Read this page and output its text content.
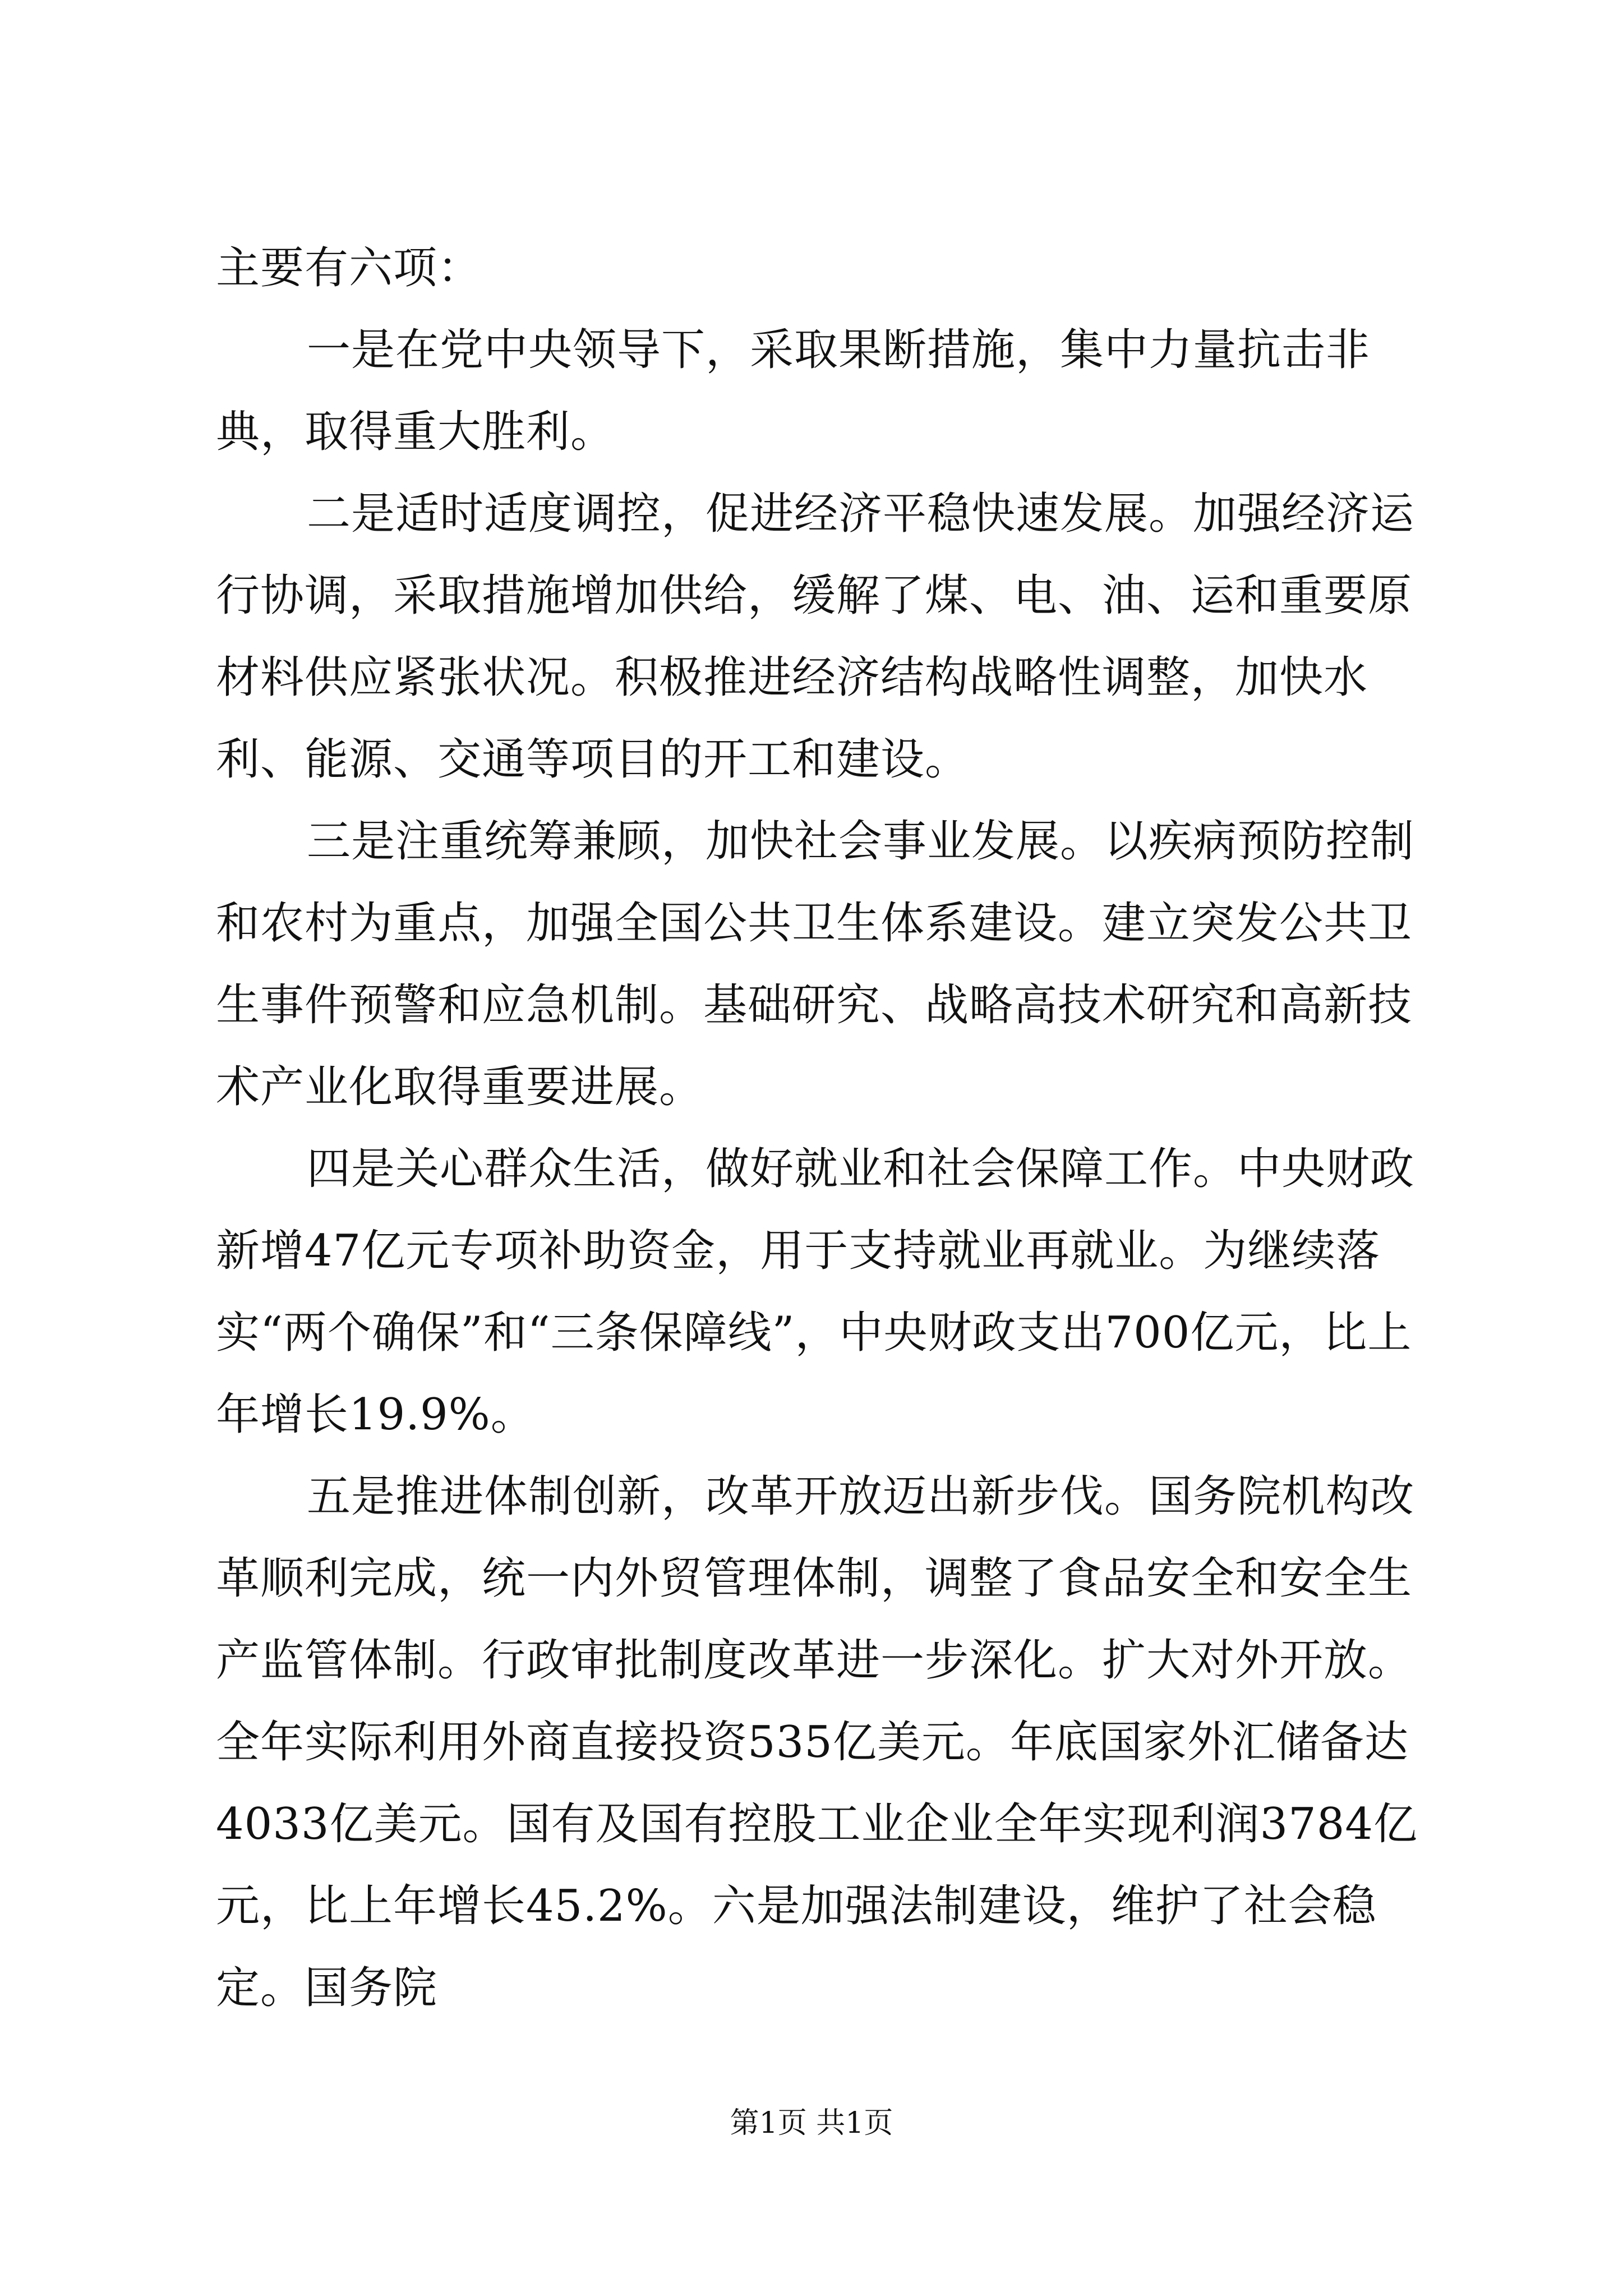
主要有六项：

一是在党中央领导下，采取果断措施，集中力量抗击非典，取得重大胜利。

二是适时适度调控，促进经济平稳快速发展。加强经济运行协调，采取措施增加供给，缓解了煤、电、油、运和重要原材料供应紧张状况。积极推进经济结构战略性调整，加快水利、能源、交通等项目的开工和建设。

三是注重统筹兼顾，加快社会事业发展。以疾病预防控制和农村为重点，加强全国公共卫生体系建设。建立突发公共卫生事件预警和应急机制。基础研究、战略高技术研究和高新技术产业化取得重要进展。

四是关心群众生活，做好就业和社会保障工作。中央财政新增47亿元专项补助资金，用于支持就业再就业。为继续落实“两个确保”和“三条保障线”，中央财政支出700亿元，比上年增长19.9%。

五是推进体制创新，改革开放迈出新步伐。国务院机构改革顺利完成，统一内外贸管理体制，调整了食品安全和安全生产监管体制。行政审批制度改革进一步深化。扩大对外开放。全年实际利用外商直接投资535亿美元。年底国家外汇储备达4033亿美元。国有及国有控股工业企业全年实现利润3784亿元，比上年增长45.2%。六是加强法制建设，维护了社会稳定。国务院

第1页 共1页
